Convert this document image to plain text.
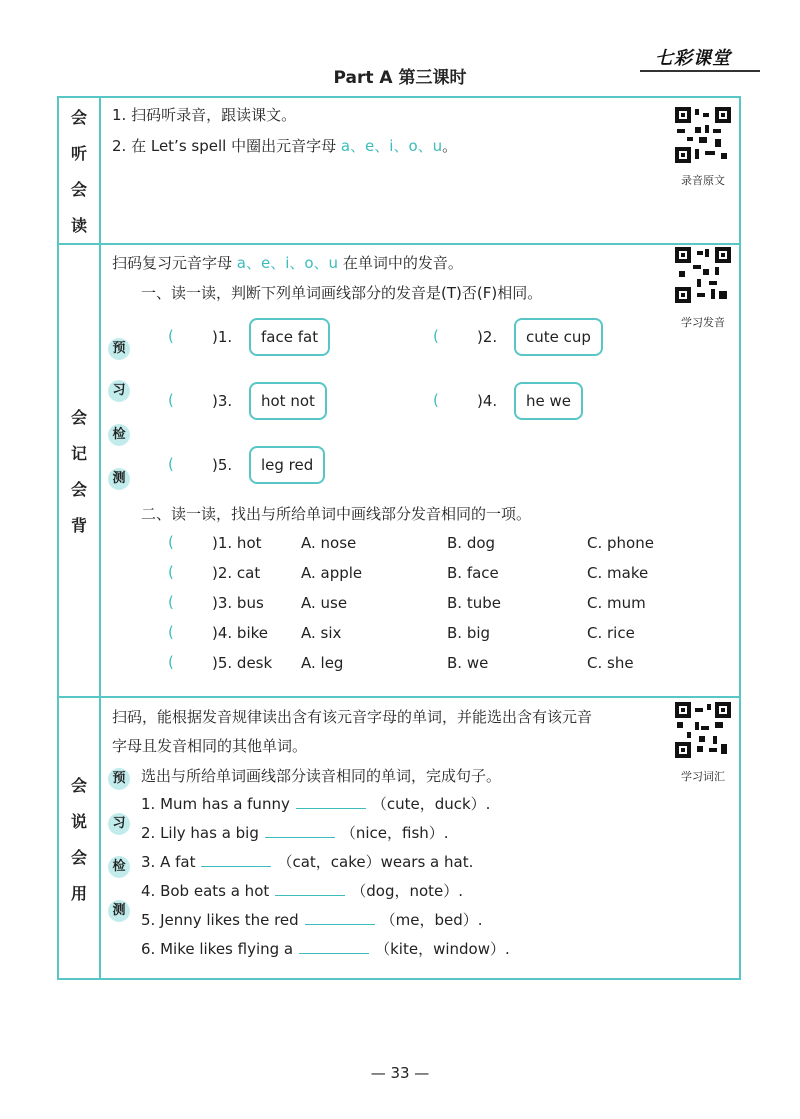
七彩课堂
Part A 第三课时
会
听
会
读
1. 扫码听录音，跟读课文。
2. 在 Let’s spell 中圈出元音字母 a、e、i、o、u。
录音原文
会
记
会
背
预
习
检
测
扫码复习元音字母 a、e、i、o、u 在单词中的发音。
学习发音
一、读一读，判断下列单词画线部分的发音是(T)否(F)相同。
(	)1.	face fat	(	)2.	cute cup
(	)3.	hot not	(	)4.	he we
(	)5.	leg red
二、读一读，找出与所给单词中画线部分发音相同的一项。
(	)1. hot	A. nose	B. dog	C. phone
(	)2. cat	A. apple	B. face	C. make
(	)3. bus A. use	B. tube	C. mum
(	)4. bike A. six	B. big	C. rice
(	)5. desk A. leg	B. we	C. she
会
说
会
用
预
习
检
测
扫码，能根据发音规律读出含有该元音字母的单词，并能选出含有该元音
字母且发音相同的其他单词。
学习词汇
选出与所给单词画线部分读音相同的单词，完成句子。
1. Mum has a funny	（cute，duck）.
2. Lily has a big	（nice，fish）.
3. A fat	（cat，cake）wears a hat.
4. Bob eats a hot	（dog，note）.
5. Jenny likes the red	（me，bed）.
6. Mike likes flying a	（kite，window）.
— 33 —
